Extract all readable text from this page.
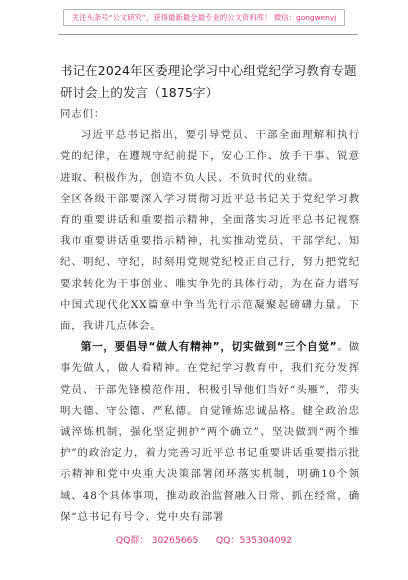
关注头条号“公文研究”，获得最新最全最专业的公文资料库！ 微信：gongwenyj
书记在2024年区委理论学习中心组党纪学习教育专题研讨会上的发言（1875字）

同志们：

习近平总书记指出，要引导党员、干部全面理解和执行党的纪律，在遵规守纪前提下，安心工作、放手干事、锐意进取、积极作为，创造不负人民、不负时代的业绩。

全区各级干部要深入学习贯彻习近平总书记关于党纪学习教育的重要讲话和重要指示精神，全面落实习近平总书记视察我市重要讲话重要指示精神，扎实推动党员、干部学纪、知纪、明纪、守纪，时刻用党规党纪校正自己行，努力把党纪要求转化为干事创业、唯实争先的具体行动，为在奋力谱写中国式现代化XX篇章中争当先行示范凝聚起磅礴力量。下面，我讲几点体会。

第一，要倡导“做人有精神”，切实做到“三个自觉”。做事先做人，做人看精神。在党纪学习教育中，我们充分发挥党员、干部先锋模范作用，积极引导他们当好“头雁”，带头明大德、守公德、严私德。自觉锤炼忠诚品格。健全政治忠诚淬炼机制，强化坚定拥护“两个确立”、坚决做到“两个维护”的政治定力，着力完善习近平总书记重要讲话重要指示批示精神和党中央重大决策部署闭环落实机制，明确10个领域、48个具体事项，推动政治监督融入日常、抓在经常，确保“总书记有号令、党中央有部署

QQ群： 30265665      QQ：535304092
